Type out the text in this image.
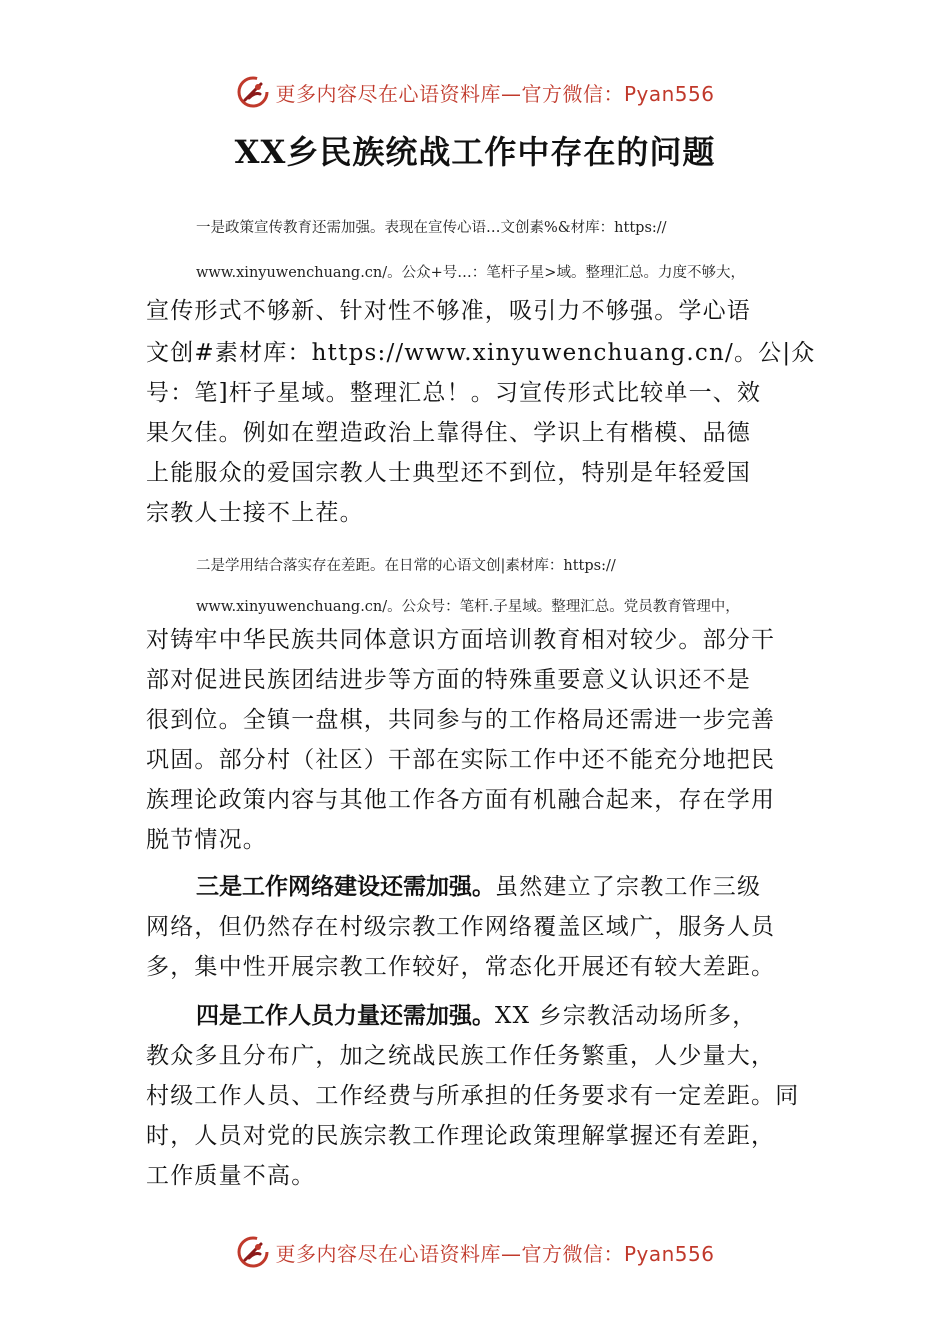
更多内容尽在心语资料库—官方微信：Pyan556
XX乡民族统战工作中存在的问题
一是政策宣传教育还需加强。表现在宣传心语…文创素%&材库：https://
www.xinyuwenchuang.cn/。公众+号…：笔杆子星>域。整理汇总。力度不够大，
宣传形式不够新、针对性不够准，吸引力不够强。学心语
文创#素材库：https://www.xinyuwenchuang.cn/。公|众
号：笔]杆子星域。整理汇总！。习宣传形式比较单一、效
果欠佳。例如在塑造政治上靠得住、学识上有楷模、品德
上能服众的爱国宗教人士典型还不到位，特别是年轻爱国
宗教人士接不上茬。
二是学用结合落实存在差距。在日常的心语文创|素材库：https://
www.xinyuwenchuang.cn/。公众号：笔杆.子星域。整理汇总。党员教育管理中，
对铸牢中华民族共同体意识方面培训教育相对较少。部分干
部对促进民族团结进步等方面的特殊重要意义认识还不是
很到位。全镇一盘棋，共同参与的工作格局还需进一步完善
巩固。部分村（社区）干部在实际工作中还不能充分地把民
族理论政策内容与其他工作各方面有机融合起来，存在学用
脱节情况。
三是工作网络建设还需加强。虽然建立了宗教工作三级
网络，但仍然存在村级宗教工作网络覆盖区域广，服务人员
多，集中性开展宗教工作较好，常态化开展还有较大差距。
四是工作人员力量还需加强。XX 乡宗教活动场所多，
教众多且分布广，加之统战民族工作任务繁重，人少量大，
村级工作人员、工作经费与所承担的任务要求有一定差距。同
时，人员对党的民族宗教工作理论政策理解掌握还有差距，
工作质量不高。
更多内容尽在心语资料库—官方微信：Pyan556
